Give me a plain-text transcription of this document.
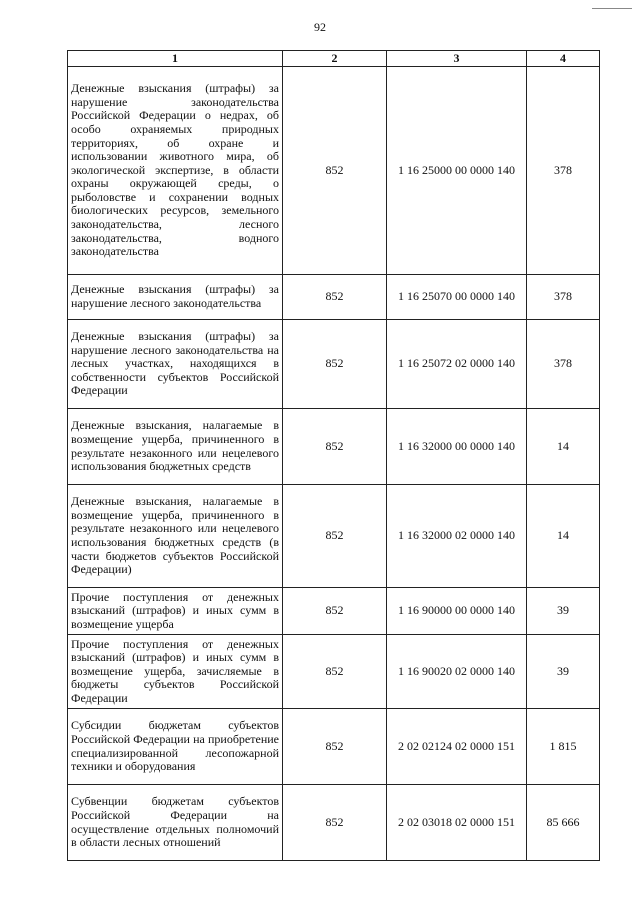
92
1	2	3	4
Денежные взыскания (штрафы) за нарушение законодательства Российской Федерации о недрах, об особо охраняемых природных территориях, об охране и использовании животного мира, об экологической экспертизе, в области охраны окружающей среды, о рыболовстве и сохранении водных биологических ресурсов, земельного законодательства, лесного законодательства, водного законодательства	852	1 16 25000 00 0000 140	378
Денежные взыскания (штрафы) за нарушение лесного законодательства	852	1 16 25070 00 0000 140	378
Денежные взыскания (штрафы) за нарушение лесного законодательства на лесных участках, находящихся в собственности субъектов Российской Федерации	852	1 16 25072 02 0000 140	378
Денежные взыскания, налагаемые в возмещение ущерба, причиненного в результате незаконного или нецелевого использования бюджетных средств	852	1 16 32000 00 0000 140	14
Денежные взыскания, налагаемые в возмещение ущерба, причиненного в результате незаконного или нецелевого использования бюджетных средств (в части бюджетов субъектов Российской Федерации)	852	1 16 32000 02 0000 140	14
Прочие поступления от денежных взысканий (штрафов) и иных сумм в возмещение ущерба	852	1 16 90000 00 0000 140	39
Прочие поступления от денежных взысканий (штрафов) и иных сумм в возмещение ущерба, зачисляемые в бюджеты субъектов Российской Федерации	852	1 16 90020 02 0000 140	39
Субсидии бюджетам субъектов Российской Федерации на приобретение специализированной лесопожарной техники и оборудования	852	2 02 02124 02 0000 151	1 815
Субвенции бюджетам субъектов Российской Федерации на осуществление отдельных полномочий в области лесных отношений	852	2 02 03018 02 0000 151	85 666
